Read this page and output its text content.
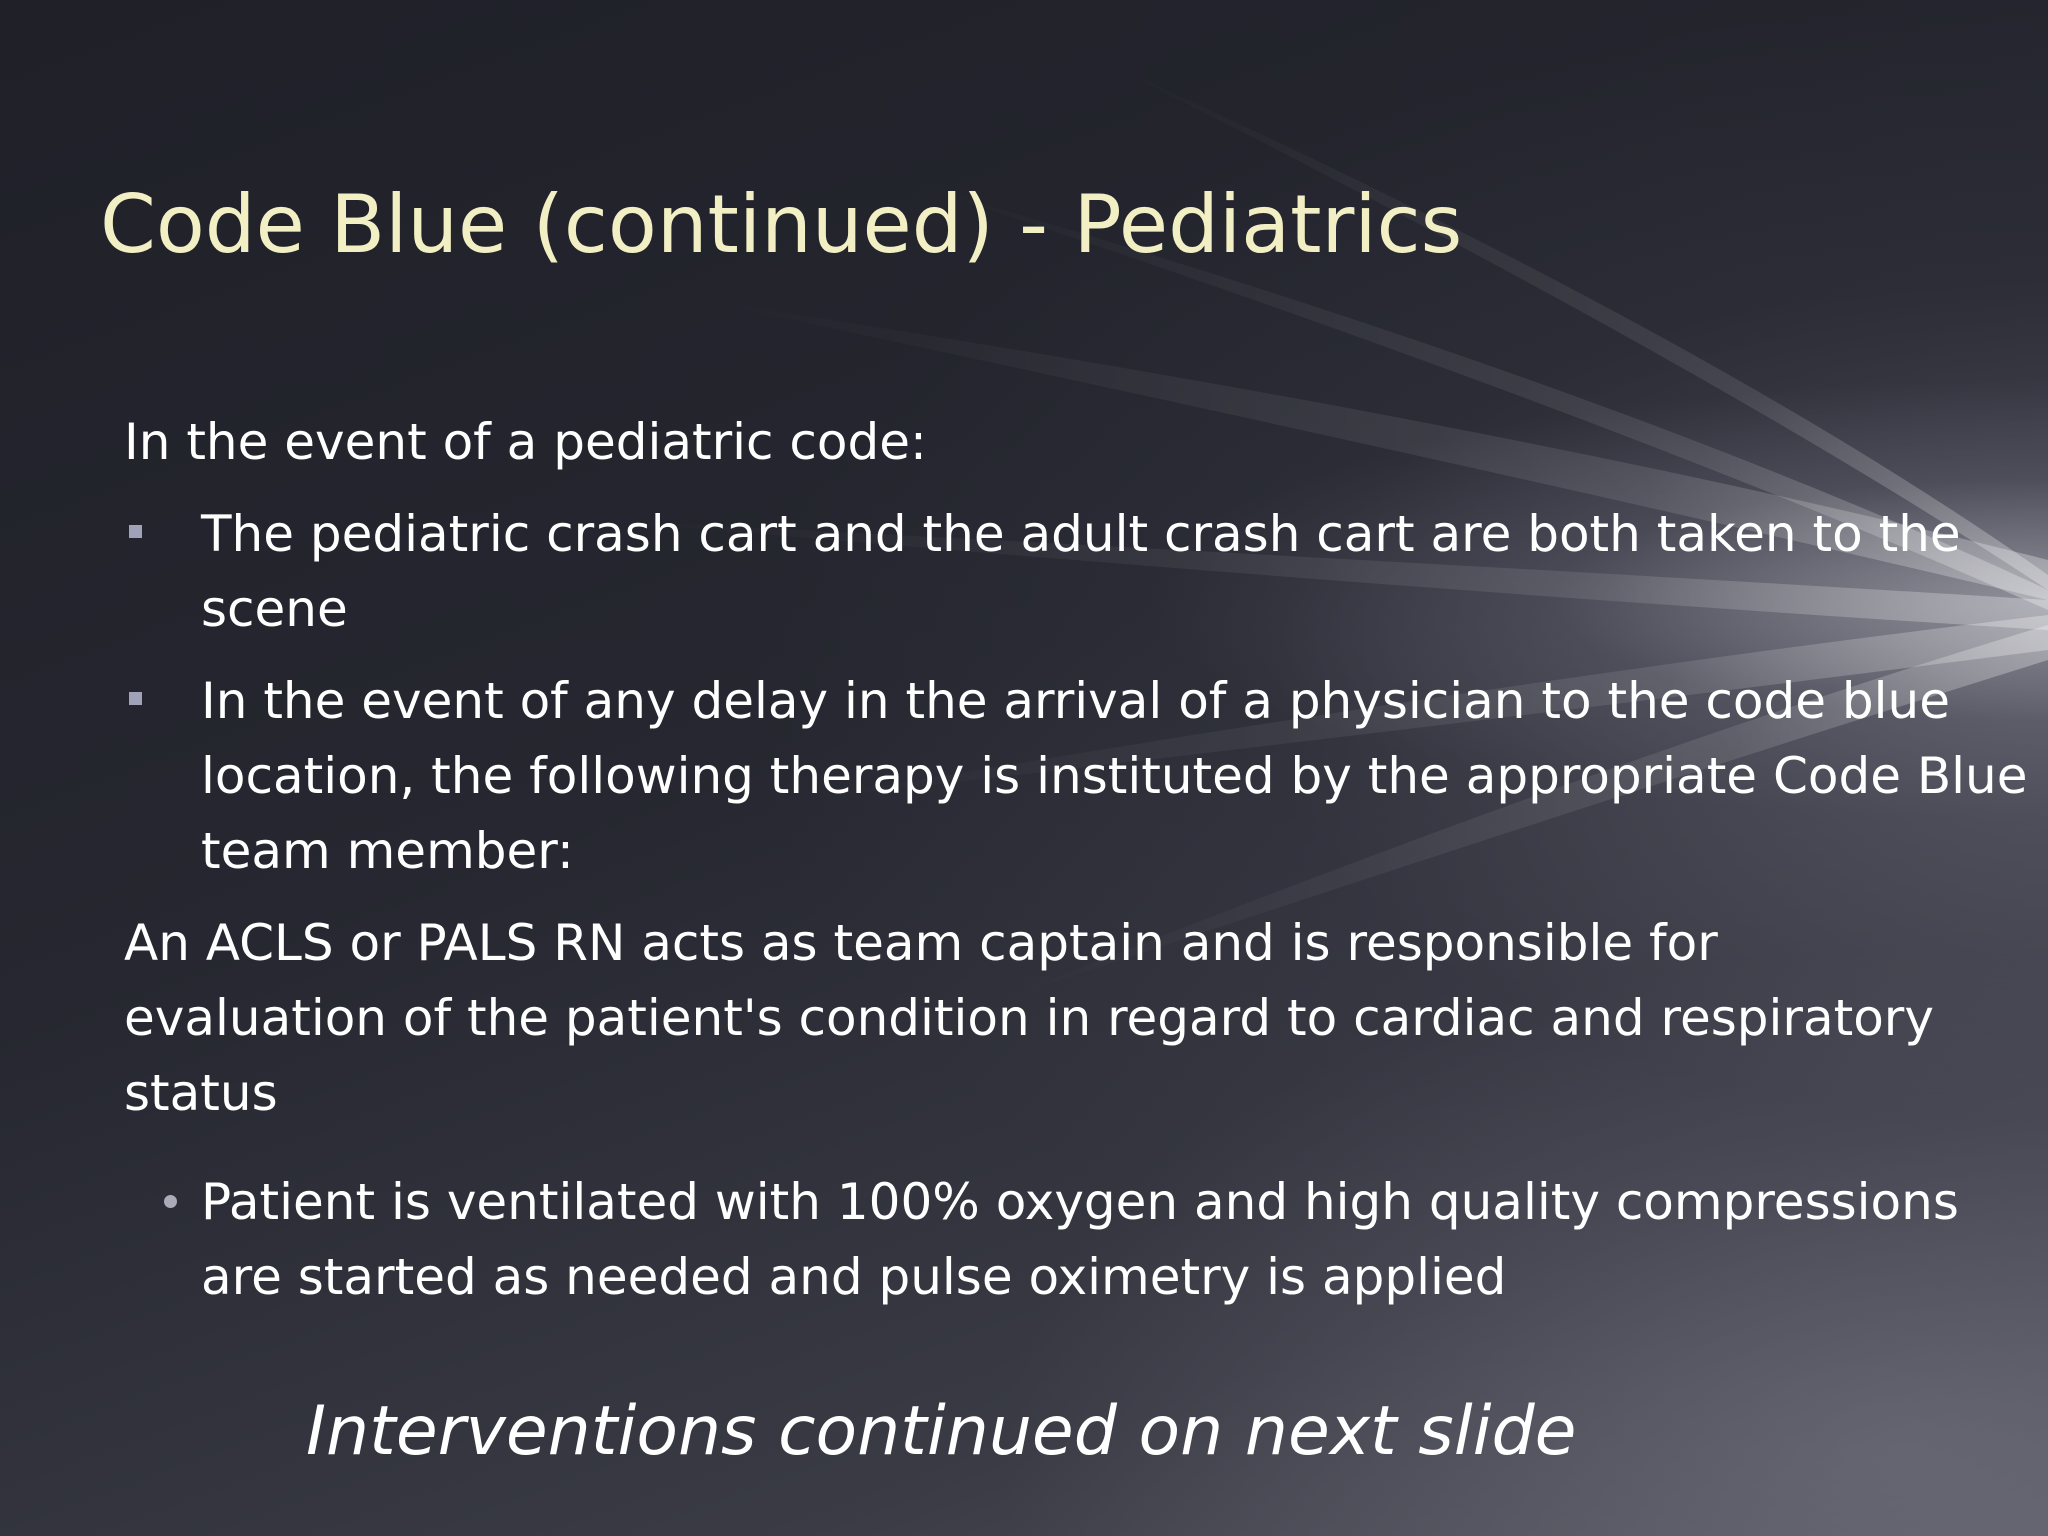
Code Blue (continued) - Pediatrics

In the event of a pediatric code:

The pediatric crash cart and the adult crash cart are both taken to the scene
In the event of any delay in the arrival of a physician to the code blue location, the following therapy is instituted by the appropriate Code Blue team member:

An ACLS or PALS RN acts as team captain and is responsible for evaluation of the patient's condition in regard to cardiac and respiratory status

Patient is ventilated with 100% oxygen and high quality compressions are started as needed and pulse oximetry is applied

Interventions continued on next slide
